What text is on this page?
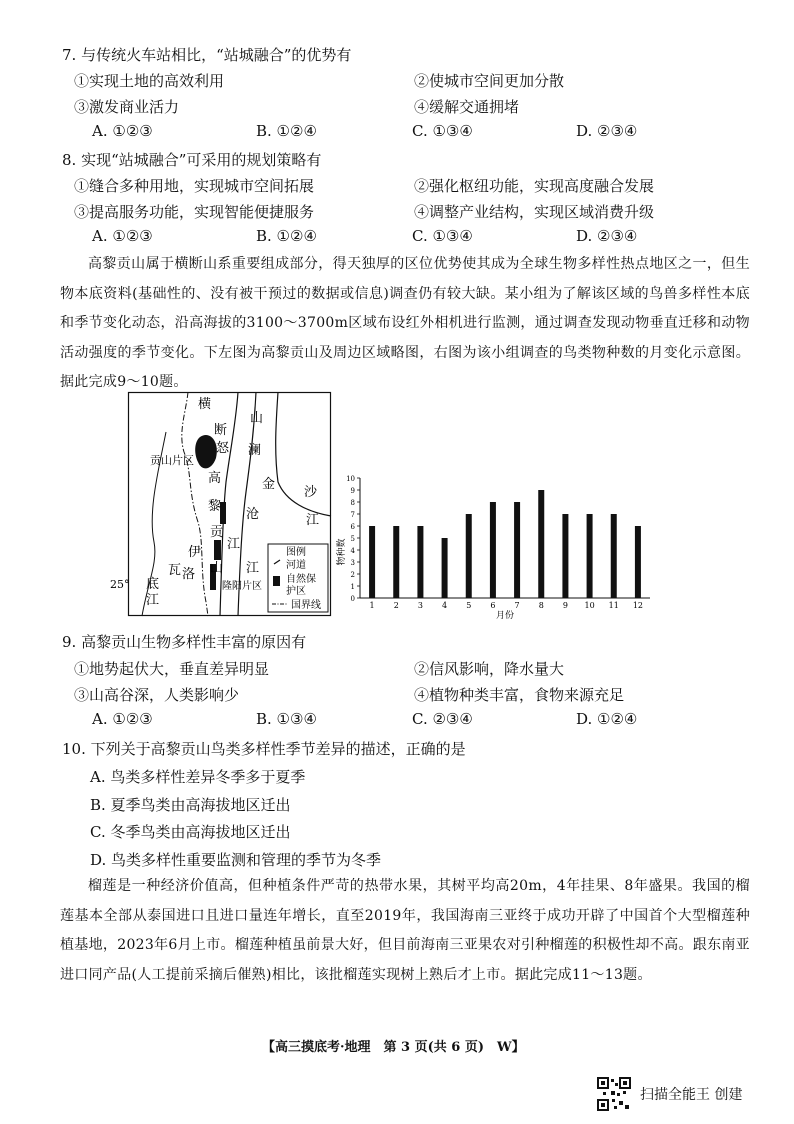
7. 与传统火车站相比，“站城融合”的优势有
①实现土地的高效利用	②使城市空间更加分散
③激发商业活力	④缓解交通拥堵
A. ①②③	B. ①②④	C. ①③④	D. ②③④
8. 实现“站城融合”可采用的规划策略有
①缝合多种用地，实现城市空间拓展	②强化枢纽功能，实现高度融合发展
③提高服务功能，实现智能便捷服务	④调整产业结构，实现区域消费升级
A. ①②③	B. ①②④	C. ①③④	D. ②③④
高黎贡山属于横断山系重要组成部分，得天独厚的区位优势使其成为全球生物多样性热点地区之一，但生物本底资料(基础性的、没有被干预过的数据或信息)调查仍有较大缺。某小组为了解该区域的鸟兽多样性本底和季节变化动态，沿高海拔的3100～3700m区域布设红外相机进行监测，通过调查发现动物垂直迁移和动物活动强度的季节变化。下左图为高黎贡山及周边区域略图，右图为该小组调查的鸟类物种数的月变化示意图。据此完成9～10题。
横
断
山
怒 澜
贡山片区
高	金
沙
黎
沧	江
贡
江
伊
山 江
瓦 洛
底	隆阳片区
江
25°
图例
河道
自然保
护区
国界线	1 2 3 4 5 6 7 8 9 10 11 12
0
1
2
3
4
5
6
7
8
9
10
物种数
月份
9. 高黎贡山生物多样性丰富的原因有
①地势起伏大，垂直差异明显	②信风影响，降水量大
③山高谷深，人类影响少	④植物种类丰富，食物来源充足
A. ①②③	B. ①③④	C. ②③④	D. ①②④
10. 下列关于高黎贡山鸟类多样性季节差异的描述，正确的是
A. 鸟类多样性差异冬季多于夏季
B. 夏季鸟类由高海拔地区迁出
C. 冬季鸟类由高海拔地区迁出
D. 鸟类多样性重要监测和管理的季节为冬季
榴莲是一种经济价值高，但种植条件严苛的热带水果，其树平均高20m，4年挂果、8年盛果。我国的榴莲基本全部从泰国进口且进口量连年增长，直至2019年，我国海南三亚终于成功开辟了中国首个大型榴莲种植基地，2023年6月上市。榴莲种植虽前景大好，但目前海南三亚果农对引种榴莲的积极性却不高。跟东南亚进口同产品(人工提前采摘后催熟)相比，该批榴莲实现树上熟后才上市。据此完成11～13题。
【高三摸底考·地理　第 3 页(共 6 页)　W】
扫描全能王 创建
